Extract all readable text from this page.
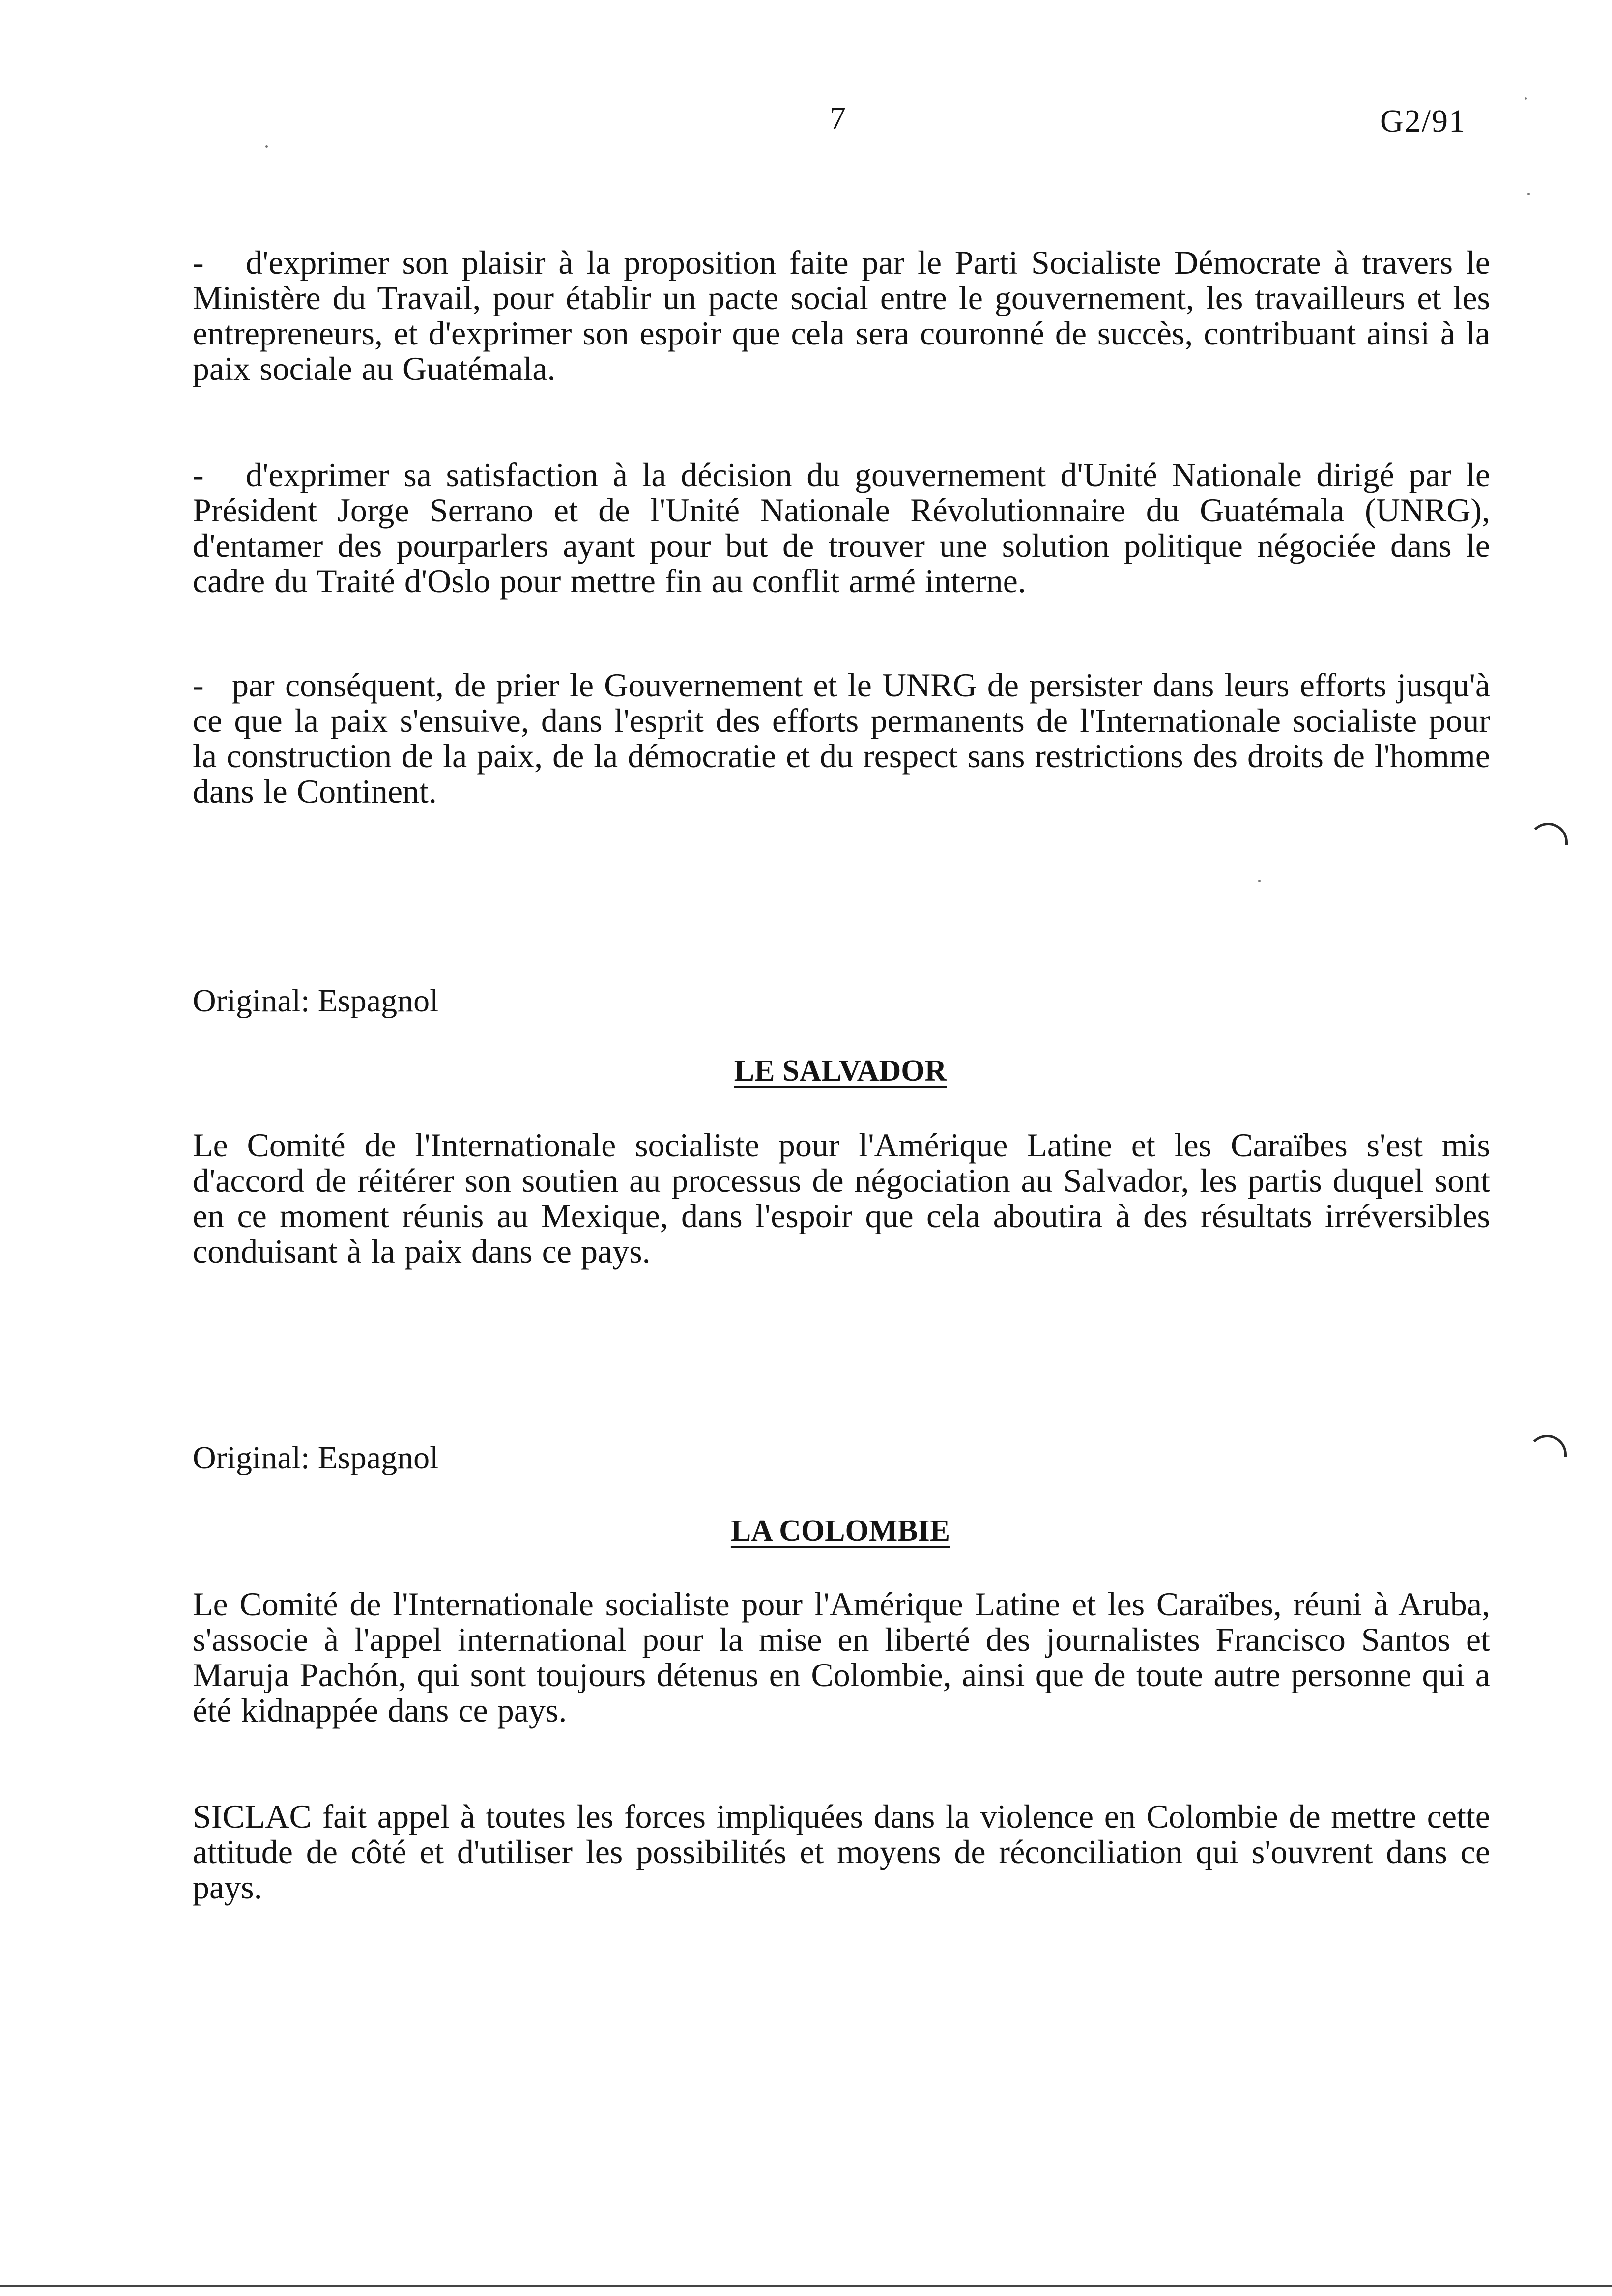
7	G2/91

- d'exprimer son plaisir à la proposition faite par le Parti Socialiste Démocrate à travers le Ministère du Travail, pour établir un pacte social entre le gouvernement, les travailleurs et les entrepreneurs, et d'exprimer son espoir que cela sera couronné de succès, contribuant ainsi à la paix sociale au Guatémala.

- d'exprimer sa satisfaction à la décision du gouvernement d'Unité Nationale dirigé par le Président Jorge Serrano et de l'Unité Nationale Révolutionnaire du Guatémala (UNRG), d'entamer des pourparlers ayant pour but de trouver une solution politique négociée dans le cadre du Traité d'Oslo pour mettre fin au conflit armé interne.

- par conséquent, de prier le Gouvernement et le UNRG de persister dans leurs efforts jusqu'à ce que la paix s'ensuive, dans l'esprit des efforts permanents de l'Internationale socialiste pour la construction de la paix, de la démocratie et du respect sans restrictions des droits de l'homme dans le Continent.

Original: Espagnol
LE SALVADOR

Le Comité de l'Internationale socialiste pour l'Amérique Latine et les Caraïbes s'est mis d'accord de réitérer son soutien au processus de négociation au Salvador, les partis duquel sont en ce moment réunis au Mexique, dans l'espoir que cela aboutira à des résultats irréversibles conduisant à la paix dans ce pays.

Original: Espagnol
LA COLOMBIE

Le Comité de l'Internationale socialiste pour l'Amérique Latine et les Caraïbes, réuni à Aruba, s'associe à l'appel international pour la mise en liberté des journalistes Francisco Santos et Maruja Pachón, qui sont toujours détenus en Colombie, ainsi que de toute autre personne qui a été kidnappée dans ce pays.

SICLAC fait appel à toutes les forces impliquées dans la violence en Colombie de mettre cette attitude de côté et d'utiliser les possibilités et moyens de réconciliation qui s'ouvrent dans ce pays.
